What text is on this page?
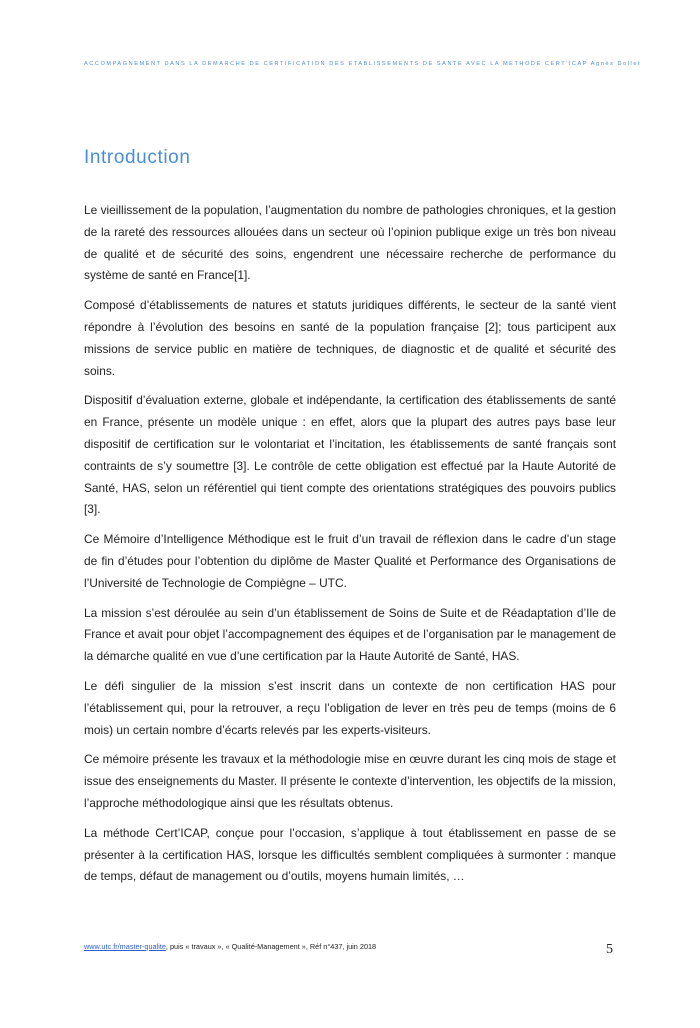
ACCOMPAGNEMENT DANS LA DEMARCHE DE CERTIFICATION DES ETABLISSEMENTS DE SANTE AVEC LA METHODE CERT'ICAP Agnès Dollet
Introduction

Le vieillissement de la population, l’augmentation du nombre de pathologies chroniques, et la gestion de la rareté des ressources allouées dans un secteur où l’opinion publique exige un très bon niveau de qualité et de sécurité des soins, engendrent une nécessaire recherche de performance du système de santé en France[1].

Composé d’établissements de natures et statuts juridiques différents, le secteur de la santé vient répondre à l’évolution des besoins en santé de la population française [2]; tous participent aux missions de service public en matière de techniques, de diagnostic et de qualité et sécurité des soins.

Dispositif d’évaluation externe, globale et indépendante, la certification des établissements de santé en France, présente un modèle unique : en effet, alors que la plupart des autres pays base leur dispositif de certification sur le volontariat et l’incitation, les établissements de santé français sont contraints de s’y soumettre [3]. Le contrôle de cette obligation est effectué par la Haute Autorité de Santé, HAS, selon un référentiel qui tient compte des orientations stratégiques des pouvoirs publics [3].

Ce Mémoire d’Intelligence Méthodique est le fruit d’un travail de réflexion dans le cadre d’un stage de fin d’études pour l’obtention du diplôme de Master Qualité et Performance des Organisations de l’Université de Technologie de Compiègne – UTC.

La mission s’est déroulée au sein d’un établissement de Soins de Suite et de Réadaptation d’Ile de France et avait pour objet l’accompagnement des équipes et de l’organisation par le management de la démarche qualité en vue d’une certification par la Haute Autorité de Santé, HAS.

Le défi singulier de la mission s’est inscrit dans un contexte de non certification HAS pour l’établissement qui, pour la retrouver, a reçu l’obligation de lever en très peu de temps (moins de 6 mois) un certain nombre d’écarts relevés par les experts-visiteurs.

Ce mémoire présente les travaux et la méthodologie mise en œuvre durant les cinq mois de stage et issue des enseignements du Master. Il présente le contexte d’intervention, les objectifs de la mission, l’approche méthodologique ainsi que les résultats obtenus.

La méthode Cert’ICAP, conçue pour l’occasion, s’applique à tout établissement en passe de se présenter à la certification HAS, lorsque les difficultés semblent compliquées à surmonter : manque de temps, défaut de management ou d’outils, moyens humain limités, …

www.utc.fr/master-qualite, puis « travaux », « Qualité-Management », Réf n°437, juin 2018	5
